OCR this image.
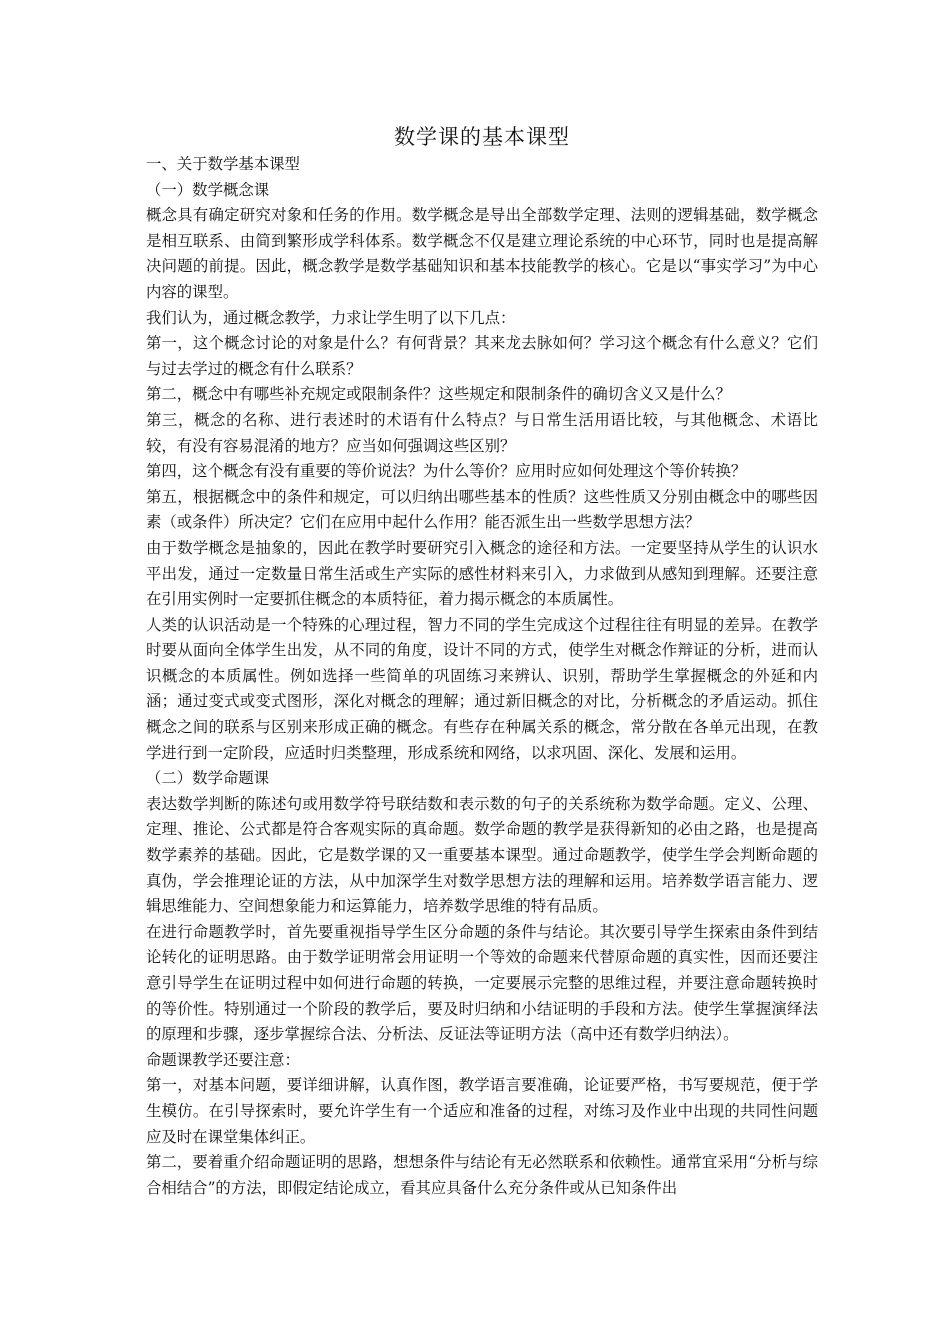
数学课的基本课型

一、关于数学基本课型

（一）数学概念课

概念具有确定研究对象和任务的作用。数学概念是导出全部数学定理、法则的逻辑基础，数学概念是相互联系、由简到繁形成学科体系。数学概念不仅是建立理论系统的中心环节，同时也是提高解决问题的前提。因此，概念教学是数学基础知识和基本技能教学的核心。它是以“事实学习”为中心内容的课型。

我们认为，通过概念教学，力求让学生明了以下几点：

第一，这个概念讨论的对象是什么？有何背景？其来龙去脉如何？学习这个概念有什么意义？它们与过去学过的概念有什么联系？

第二，概念中有哪些补充规定或限制条件？这些规定和限制条件的确切含义又是什么？

第三，概念的名称、进行表述时的术语有什么特点？与日常生活用语比较，与其他概念、术语比较，有没有容易混淆的地方？应当如何强调这些区别？

第四，这个概念有没有重要的等价说法？为什么等价？应用时应如何处理这个等价转换？

第五，根据概念中的条件和规定，可以归纳出哪些基本的性质？这些性质又分别由概念中的哪些因素（或条件）所决定？它们在应用中起什么作用？能否派生出一些数学思想方法？

由于数学概念是抽象的，因此在教学时要研究引入概念的途径和方法。一定要坚持从学生的认识水平出发，通过一定数量日常生活或生产实际的感性材料来引入，力求做到从感知到理解。还要注意在引用实例时一定要抓住概念的本质特征，着力揭示概念的本质属性。

人类的认识活动是一个特殊的心理过程，智力不同的学生完成这个过程往往有明显的差异。在教学时要从面向全体学生出发，从不同的角度，设计不同的方式，使学生对概念作辩证的分析，进而认识概念的本质属性。例如选择一些简单的巩固练习来辨认、识别，帮助学生掌握概念的外延和内涵；通过变式或变式图形，深化对概念的理解；通过新旧概念的对比，分析概念的矛盾运动。抓住概念之间的联系与区别来形成正确的概念。有些存在种属关系的概念，常分散在各单元出现，在教学进行到一定阶段，应适时归类整理，形成系统和网络，以求巩固、深化、发展和运用。

（二）数学命题课

表达数学判断的陈述句或用数学符号联结数和表示数的句子的关系统称为数学命题。定义、公理、定理、推论、公式都是符合客观实际的真命题。数学命题的教学是获得新知的必由之路，也是提高数学素养的基础。因此，它是数学课的又一重要基本课型。通过命题教学，使学生学会判断命题的真伪，学会推理论证的方法，从中加深学生对数学思想方法的理解和运用。培养数学语言能力、逻辑思维能力、空间想象能力和运算能力，培养数学思维的特有品质。

在进行命题教学时，首先要重视指导学生区分命题的条件与结论。其次要引导学生探索由条件到结论转化的证明思路。由于数学证明常会用证明一个等效的命题来代替原命题的真实性，因而还要注意引导学生在证明过程中如何进行命题的转换，一定要展示完整的思维过程，并要注意命题转换时的等价性。特别通过一个阶段的教学后，要及时归纳和小结证明的手段和方法。使学生掌握演绎法的原理和步骤，逐步掌握综合法、分析法、反证法等证明方法（高中还有数学归纳法）。

命题课教学还要注意：

第一，对基本问题，要详细讲解，认真作图，教学语言要准确，论证要严格，书写要规范，便于学生模仿。在引导探索时，要允许学生有一个适应和准备的过程，对练习及作业中出现的共同性问题应及时在课堂集体纠正。

第二，要着重介绍命题证明的思路，想想条件与结论有无必然联系和依赖性。通常宜采用“分析与综合相结合”的方法，即假定结论成立，看其应具备什么充分条件或从已知条件出
